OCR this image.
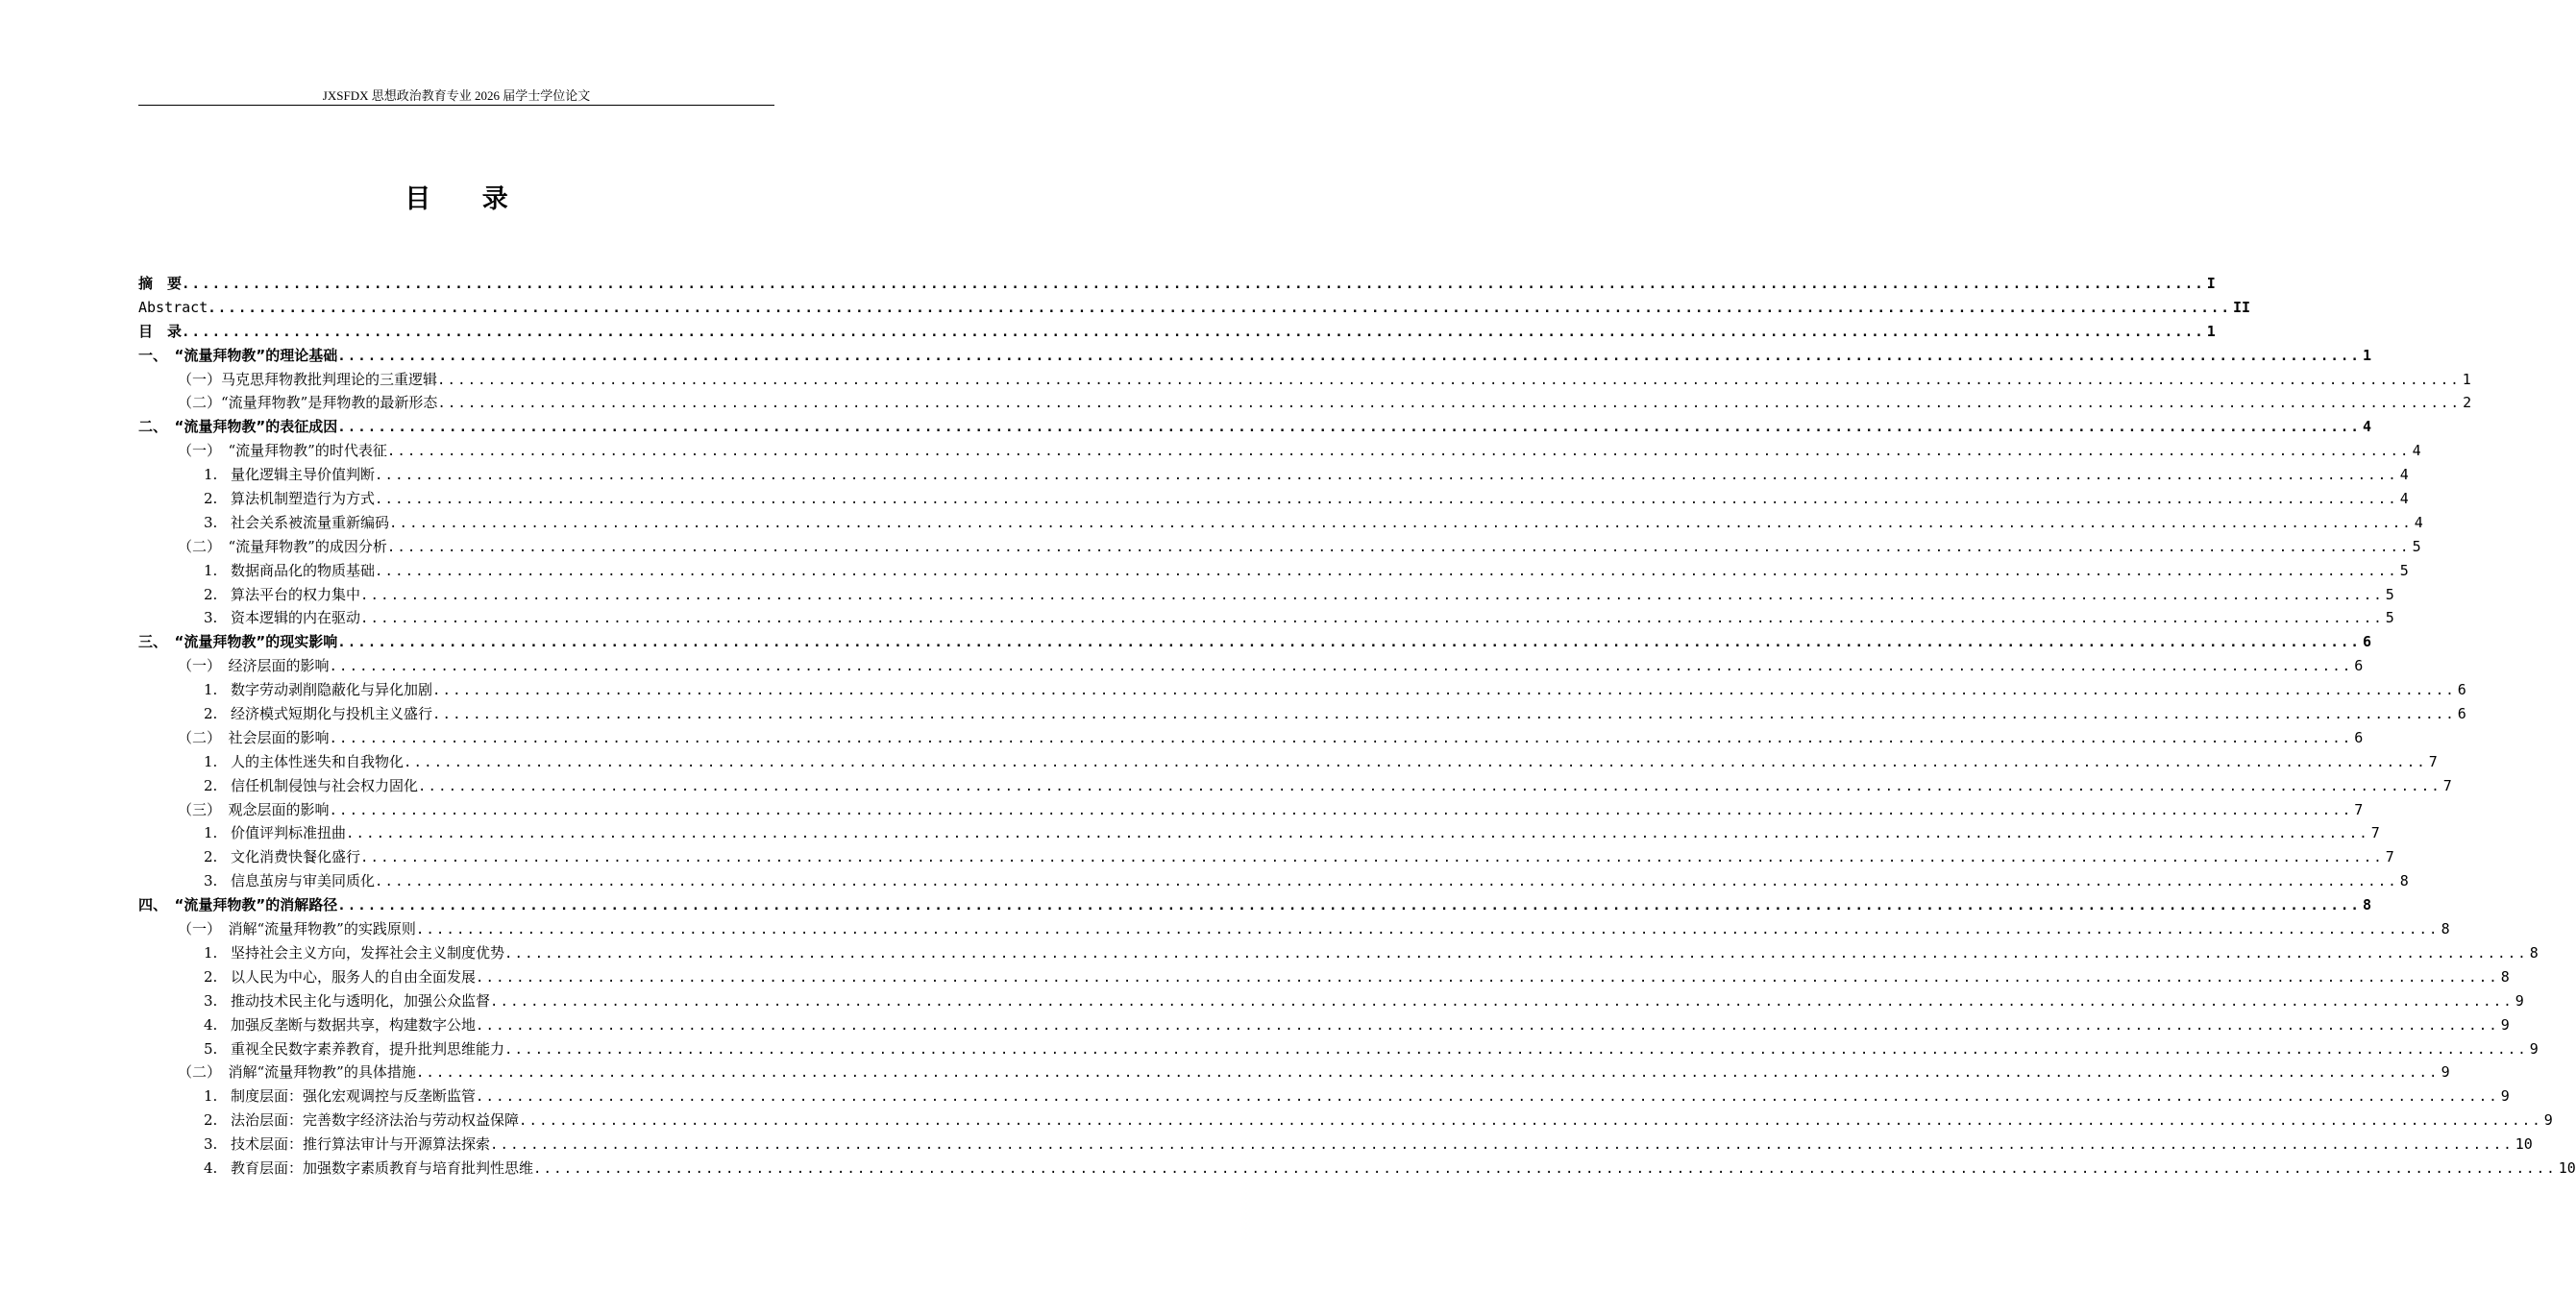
JXSFDX 思想政治教育专业 2026 届学士学位论文
目 录
摘　要 ........................................................................................................................................................................................................ I
Abstract ........................................................................................................................................................................................................ II
目　录 ........................................................................................................................................................................................................ 1
一、　“流量拜物教”的理论基础 ........................................................................................................................................................................................................ 1
（一）马克思拜物教批判理论的三重逻辑 ........................................................................................................................................................................................................ 1
（二）“流量拜物教”是拜物教的最新形态 ........................................................................................................................................................................................................ 2
二、　“流量拜物教”的表征成因 ........................................................................................................................................................................................................ 4
（一）　“流量拜物教”的时代表征 ........................................................................................................................................................................................................ 4
1. 量化逻辑主导价值判断 ........................................................................................................................................................................................................ 4
2. 算法机制塑造行为方式 ........................................................................................................................................................................................................ 4
3. 社会关系被流量重新编码 ........................................................................................................................................................................................................ 4
（二）　“流量拜物教”的成因分析 ........................................................................................................................................................................................................ 5
1. 数据商品化的物质基础 ........................................................................................................................................................................................................ 5
2. 算法平台的权力集中 ........................................................................................................................................................................................................ 5
3. 资本逻辑的内在驱动 ........................................................................................................................................................................................................ 5
三、　“流量拜物教”的现实影响 ........................................................................................................................................................................................................ 6
（一）　经济层面的影响 ........................................................................................................................................................................................................ 6
1. 数字劳动剥削隐蔽化与异化加剧 ........................................................................................................................................................................................................ 6
2. 经济模式短期化与投机主义盛行 ........................................................................................................................................................................................................ 6
（二）　社会层面的影响 ........................................................................................................................................................................................................ 6
1. 人的主体性迷失和自我物化 ........................................................................................................................................................................................................ 7
2. 信任机制侵蚀与社会权力固化 ........................................................................................................................................................................................................ 7
（三）　观念层面的影响 ........................................................................................................................................................................................................ 7
1. 价值评判标准扭曲 ........................................................................................................................................................................................................ 7
2. 文化消费快餐化盛行 ........................................................................................................................................................................................................ 7
3. 信息茧房与审美同质化 ........................................................................................................................................................................................................ 8
四、　“流量拜物教”的消解路径 ........................................................................................................................................................................................................ 8
（一）　消解“流量拜物教”的实践原则 ........................................................................................................................................................................................................ 8
1. 坚持社会主义方向，发挥社会主义制度优势 ........................................................................................................................................................................................................ 8
2. 以人民为中心，服务人的自由全面发展 ........................................................................................................................................................................................................ 8
3. 推动技术民主化与透明化，加强公众监督 ........................................................................................................................................................................................................ 9
4. 加强反垄断与数据共享，构建数字公地 ........................................................................................................................................................................................................ 9
5. 重视全民数字素养教育，提升批判思维能力 ........................................................................................................................................................................................................ 9
（二）　消解“流量拜物教”的具体措施 ........................................................................................................................................................................................................ 9
1. 制度层面：强化宏观调控与反垄断监管 ........................................................................................................................................................................................................ 9
2. 法治层面：完善数字经济法治与劳动权益保障 ........................................................................................................................................................................................................ 9
3. 技术层面：推行算法审计与开源算法探索 ........................................................................................................................................................................................................ 10
4. 教育层面：加强数字素质教育与培育批判性思维 ........................................................................................................................................................................................................ 10
